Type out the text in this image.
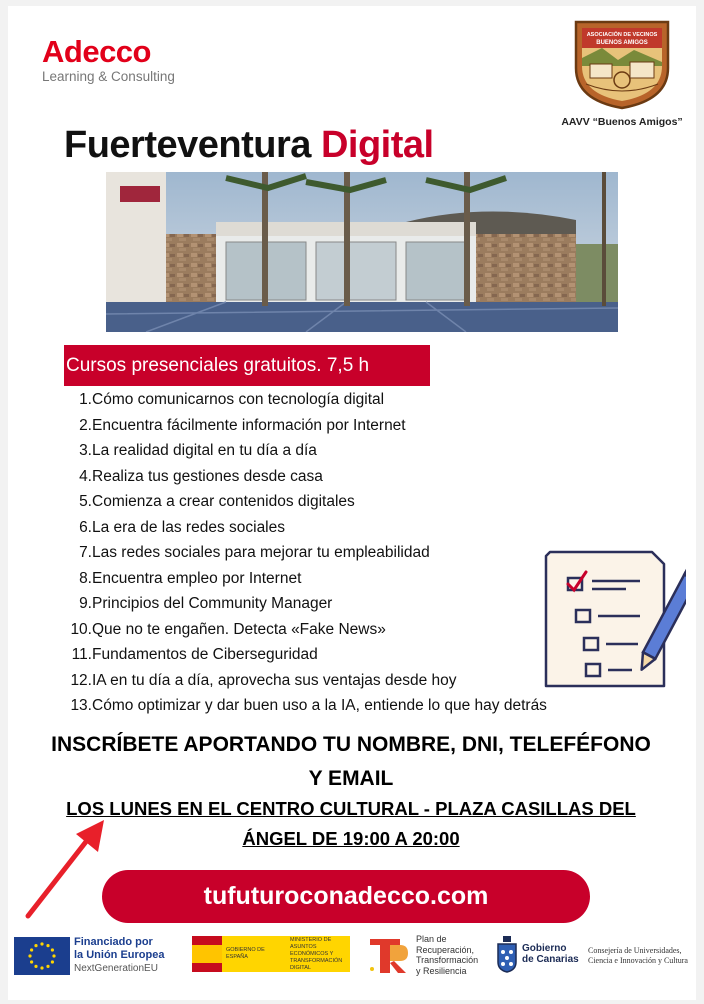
Adecco
Learning & Consulting
ASOCIACIÓN DE VECINOS
BUENOS AMIGOS
AAVV “Buenos Amigos”
Fuerteventura Digital
Cursos presenciales gratuitos. 7,5 h
1.Cómo comunicarnos con tecnología digital
2.Encuentra fácilmente información por Internet
3.La realidad digital en tu día a día
4.Realiza tus gestiones desde casa
5.Comienza a crear contenidos digitales
6.La era de las redes sociales
7.Las redes sociales para mejorar tu empleabilidad
8.Encuentra empleo por Internet
9.Principios del Community Manager
10.Que no te engañen. Detecta «Fake News»
11.Fundamentos de Ciberseguridad
12.IA en tu día a día, aprovecha sus ventajas desde hoy
13.Cómo optimizar y dar buen uso a la IA, entiende lo que hay detrás
INSCRÍBETE APORTANDO TU NOMBRE, DNI, TELEFÉFONO
Y EMAIL
LOS LUNES EN EL CENTRO CULTURAL - PLAZA CASILLAS DEL
ÁNGEL DE 19:00 A 20:00
tufuturoconadecco.com
Financiado por
la Unión Europea
NextGenerationEU
GOBIERNO DE ESPAÑA
MINISTERIO DE ASUNTOS ECONÓMICOS Y TRANSFORMACIÓN DIGITAL
Plan de
Recuperación,
Transformación
y Resiliencia
Gobierno
de Canarias
Consejería de Universidades,
Ciencia e Innovación y Cultura
